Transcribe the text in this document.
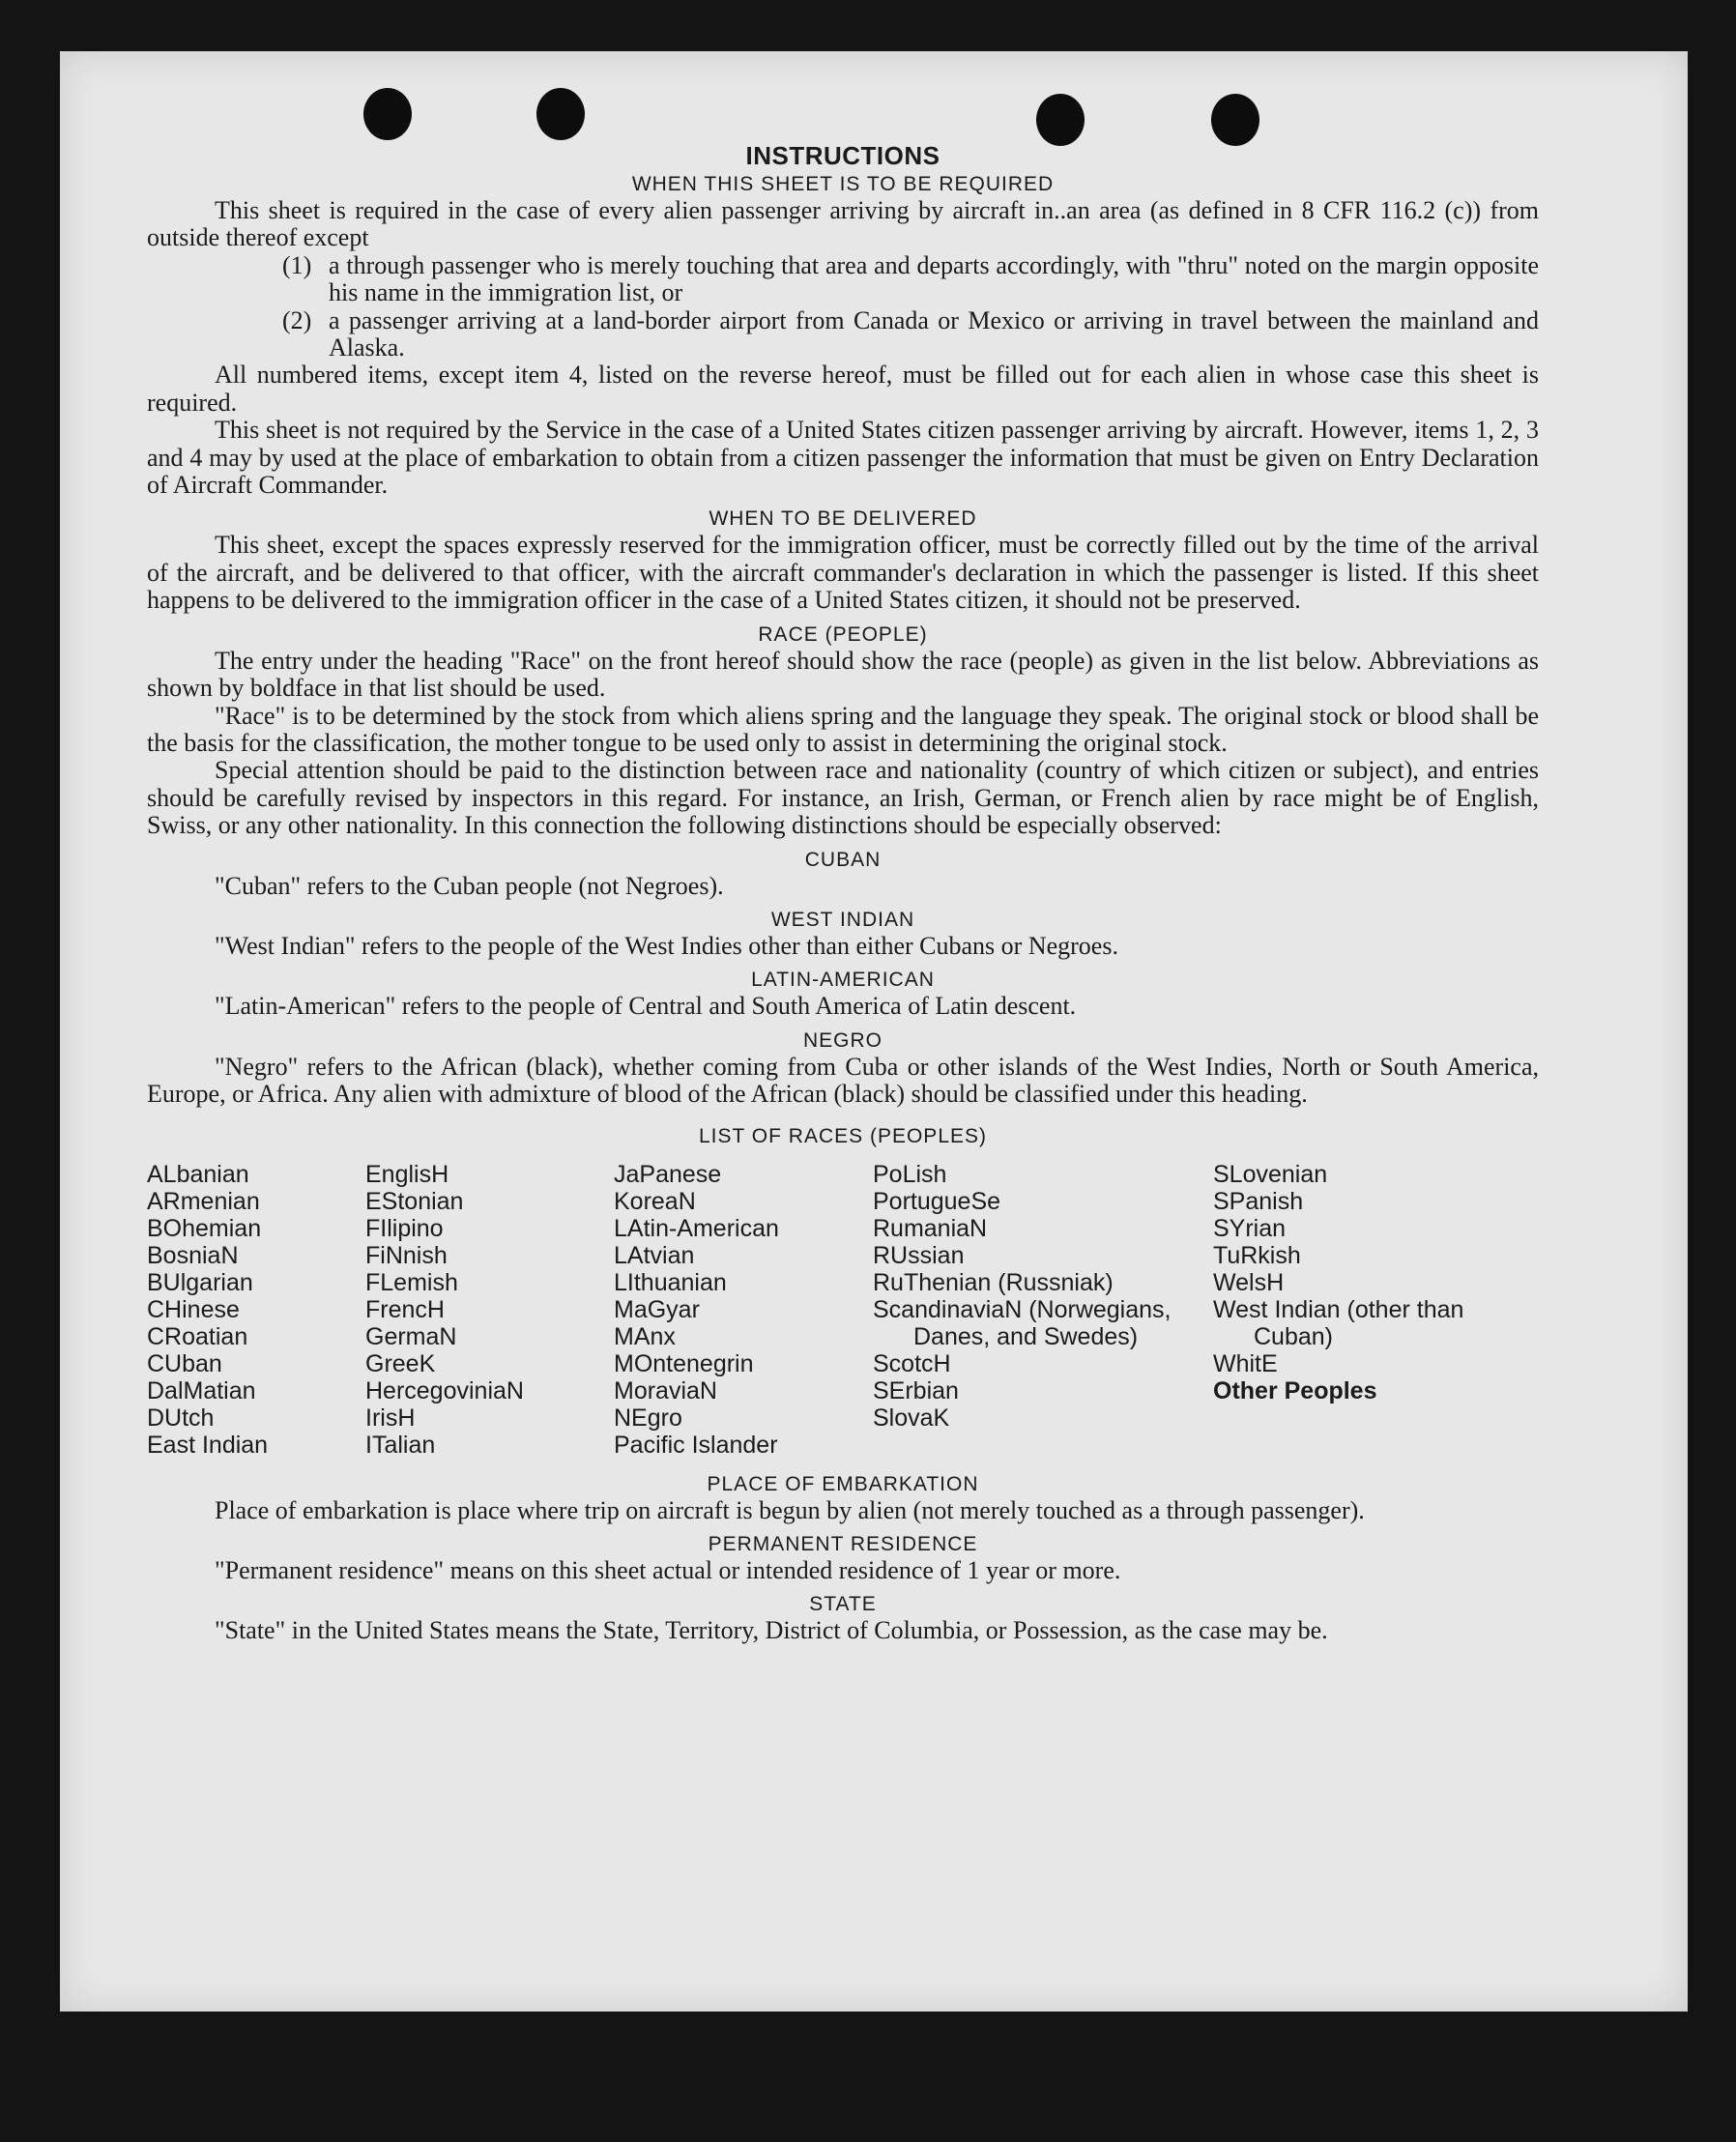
INSTRUCTIONS
WHEN THIS SHEET IS TO BE REQUIRED

This sheet is required in the case of every alien passenger arriving by aircraft in..an area (as defined in 8 CFR 116.2 (c)) from outside thereof except

(1) a through passenger who is merely touching that area and departs accordingly, with "thru" noted on the margin opposite his name in the immigration list, or
(2) a passenger arriving at a land-border airport from Canada or Mexico or arriving in travel between the mainland and Alaska.

All numbered items, except item 4, listed on the reverse hereof, must be filled out for each alien in whose case this sheet is required.

This sheet is not required by the Service in the case of a United States citizen passenger arriving by aircraft. However, items 1, 2, 3 and 4 may by used at the place of embarkation to obtain from a citizen passenger the information that must be given on Entry Declaration of Aircraft Commander.

WHEN TO BE DELIVERED

This sheet, except the spaces expressly reserved for the immigration officer, must be correctly filled out by the time of the arrival of the aircraft, and be delivered to that officer, with the aircraft commander's declaration in which the passenger is listed. If this sheet happens to be delivered to the immigration officer in the case of a United States citizen, it should not be preserved.

RACE (PEOPLE)

The entry under the heading "Race" on the front hereof should show the race (people) as given in the list below. Abbreviations as shown by boldface in that list should be used.

"Race" is to be determined by the stock from which aliens spring and the language they speak. The original stock or blood shall be the basis for the classification, the mother tongue to be used only to assist in determining the original stock.

Special attention should be paid to the distinction between race and nationality (country of which citizen or subject), and entries should be carefully revised by inspectors in this regard. For instance, an Irish, German, or French alien by race might be of English, Swiss, or any other nationality. In this connection the following distinctions should be especially observed:

CUBAN

"Cuban" refers to the Cuban people (not Negroes).

WEST INDIAN

"West Indian" refers to the people of the West Indies other than either Cubans or Negroes.

LATIN-AMERICAN

"Latin-American" refers to the people of Central and South America of Latin descent.

NEGRO

"Negro" refers to the African (black), whether coming from Cuba or other islands of the West Indies, North or South America, Europe, or Africa. Any alien with admixture of blood of the African (black) should be classified under this heading.

LIST OF RACES (PEOPLES)
ALbanian
ARmenian
BOhemian
BosniaN
BUlgarian
CHinese
CRoatian
CUban
DalMatian
DUtch
East Indian
EnglisH
EStonian
FIlipino
FiNnish
FLemish
FrencH
GermaN
GreeK
HercegoviniaN
IrisH
ITalian
JaPanese
KoreaN
LAtin-American
LAtvian
LIthuanian
MaGyar
MAnx
MOntenegrin
MoraviaN
NEgro
Pacific Islander
PoLish
PortugueSe
RumaniaN
RUssian
RuThenian (Russniak)
ScandinaviaN (Norwegians, Danes, and Swedes)
ScotcH
SErbian
SlovaK
SLovenian
SPanish
SYrian
TuRkish
WelsH
West Indian (other than Cuban)
WhitE
Other Peoples
PLACE OF EMBARKATION

Place of embarkation is place where trip on aircraft is begun by alien (not merely touched as a through passenger).

PERMANENT RESIDENCE

"Permanent residence" means on this sheet actual or intended residence of 1 year or more.

STATE

"State" in the United States means the State, Territory, District of Columbia, or Possession, as the case may be.
